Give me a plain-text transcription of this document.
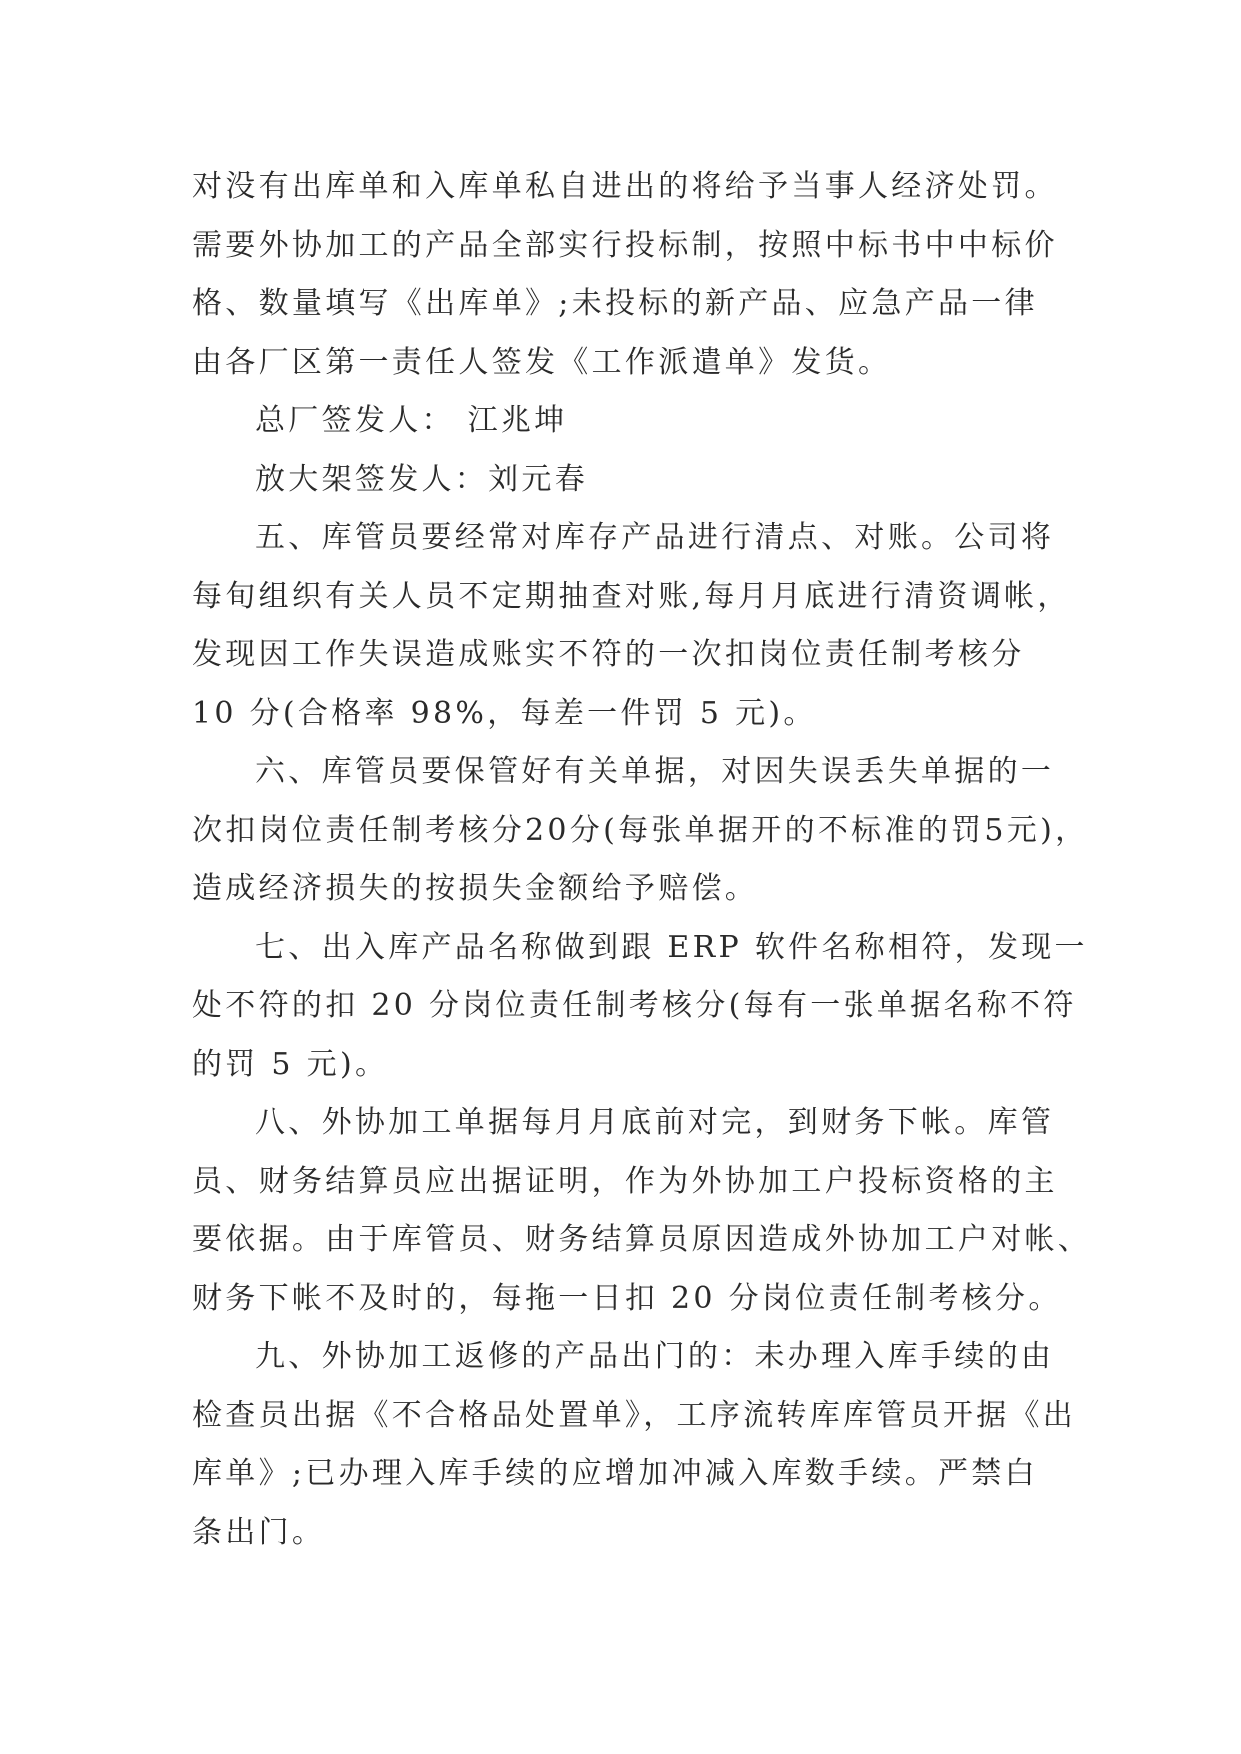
对没有出库单和入库单私自进出的将给予当事人经济处罚。
需要外协加工的产品全部实行投标制，按照中标书中中标价
格、数量填写《出库单》;未投标的新产品、应急产品一律
由各厂区第一责任人签发《工作派遣单》发货。
总厂签发人： 江兆坤
放大架签发人：刘元春
五、库管员要经常对库存产品进行清点、对账。公司将
每旬组织有关人员不定期抽查对账,每月月底进行清资调帐，
发现因工作失误造成账实不符的一次扣岗位责任制考核分
10 分(合格率 98%，每差一件罚 5 元)。
六、库管员要保管好有关单据，对因失误丢失单据的一
次扣岗位责任制考核分20分(每张单据开的不标准的罚5元)，
造成经济损失的按损失金额给予赔偿。
七、出入库产品名称做到跟 ERP 软件名称相符，发现一
处不符的扣 20 分岗位责任制考核分(每有一张单据名称不符
的罚 5 元)。
八、外协加工单据每月月底前对完，到财务下帐。库管
员、财务结算员应出据证明，作为外协加工户投标资格的主
要依据。由于库管员、财务结算员原因造成外协加工户对帐、
财务下帐不及时的，每拖一日扣 20 分岗位责任制考核分。
九、外协加工返修的产品出门的：未办理入库手续的由
检查员出据《不合格品处置单》，工序流转库库管员开据《出
库单》;已办理入库手续的应增加冲减入库数手续。严禁白
条出门。
